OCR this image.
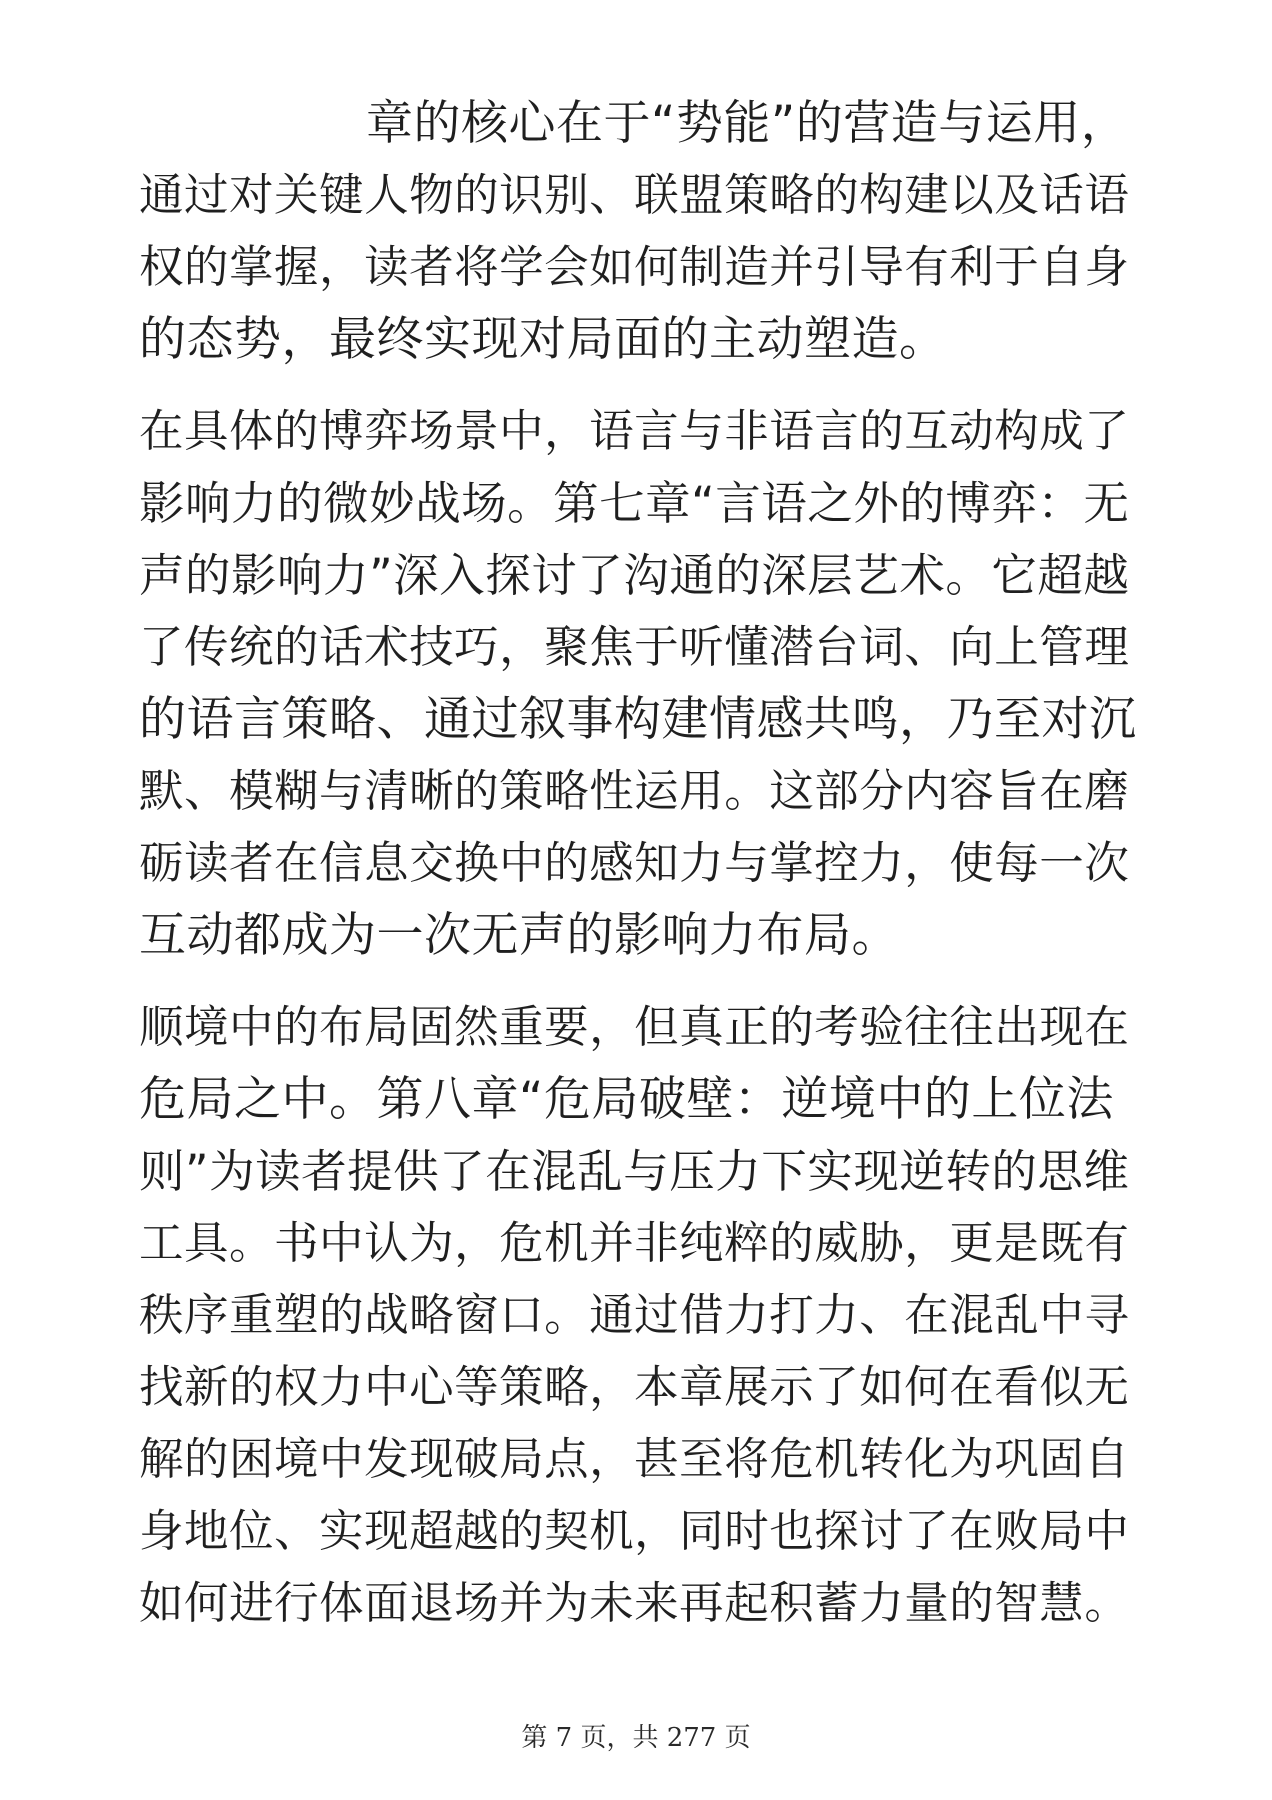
章的核心在于“势能”的营造与运用，
通过对关键人物的识别、联盟策略的构建以及话语
权的掌握，读者将学会如何制造并引导有利于自身
的态势，最终实现对局面的主动塑造。

在具体的博弈场景中，语言与非语言的互动构成了
影响力的微妙战场。第七章“言语之外的博弈：无
声的影响力”深入探讨了沟通的深层艺术。它超越
了传统的话术技巧，聚焦于听懂潜台词、向上管理
的语言策略、通过叙事构建情感共鸣，乃至对沉
默、模糊与清晰的策略性运用。这部分内容旨在磨
砺读者在信息交换中的感知力与掌控力，使每一次
互动都成为一次无声的影响力布局。

顺境中的布局固然重要，但真正的考验往往出现在
危局之中。第八章“危局破壁：逆境中的上位法
则”为读者提供了在混乱与压力下实现逆转的思维
工具。书中认为，危机并非纯粹的威胁，更是既有
秩序重塑的战略窗口。通过借力打力、在混乱中寻
找新的权力中心等策略，本章展示了如何在看似无
解的困境中发现破局点，甚至将危机转化为巩固自
身地位、实现超越的契机，同时也探讨了在败局中
如何进行体面退场并为未来再起积蓄力量的智慧。

第 7 页，共 277 页
